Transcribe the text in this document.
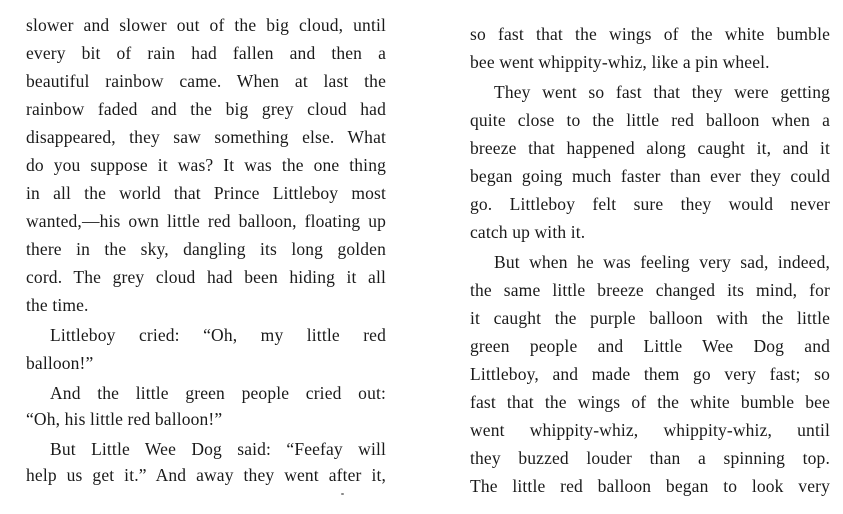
slower and slower out of the big cloud, until
every bit of rain had fallen and then a
beautiful rainbow came. When at last the
rainbow faded and the big grey cloud had
disappeared, they saw something else. What
do you suppose it was? It was the one thing
in all the world that Prince Littleboy most
wanted,—his own little red balloon, floating up
there in the sky, dangling its long golden
cord. The grey cloud had been hiding it all
the time.
Littleboy cried: “Oh, my little red
balloon!”
And the little green people cried out:
“Oh, his little red balloon!”
But Little Wee Dog said: “Feefay will
help us get it.” And away they went after it,
so fast that the wings of the white bumble
bee went whippity-whiz, like a pin wheel.
They went so fast that they were getting
quite close to the little red balloon when a
breeze that happened along caught it, and it
began going much faster than ever they could
go. Littleboy felt sure they would never
catch up with it.
But when he was feeling very sad, indeed,
the same little breeze changed its mind, for
it caught the purple balloon with the little
green people and Little Wee Dog and
Littleboy, and made them go very fast; so
fast that the wings of the white bumble bee
went whippity-whiz, whippity-whiz, until
they buzzed louder than a spinning top.
The little red balloon began to look very
